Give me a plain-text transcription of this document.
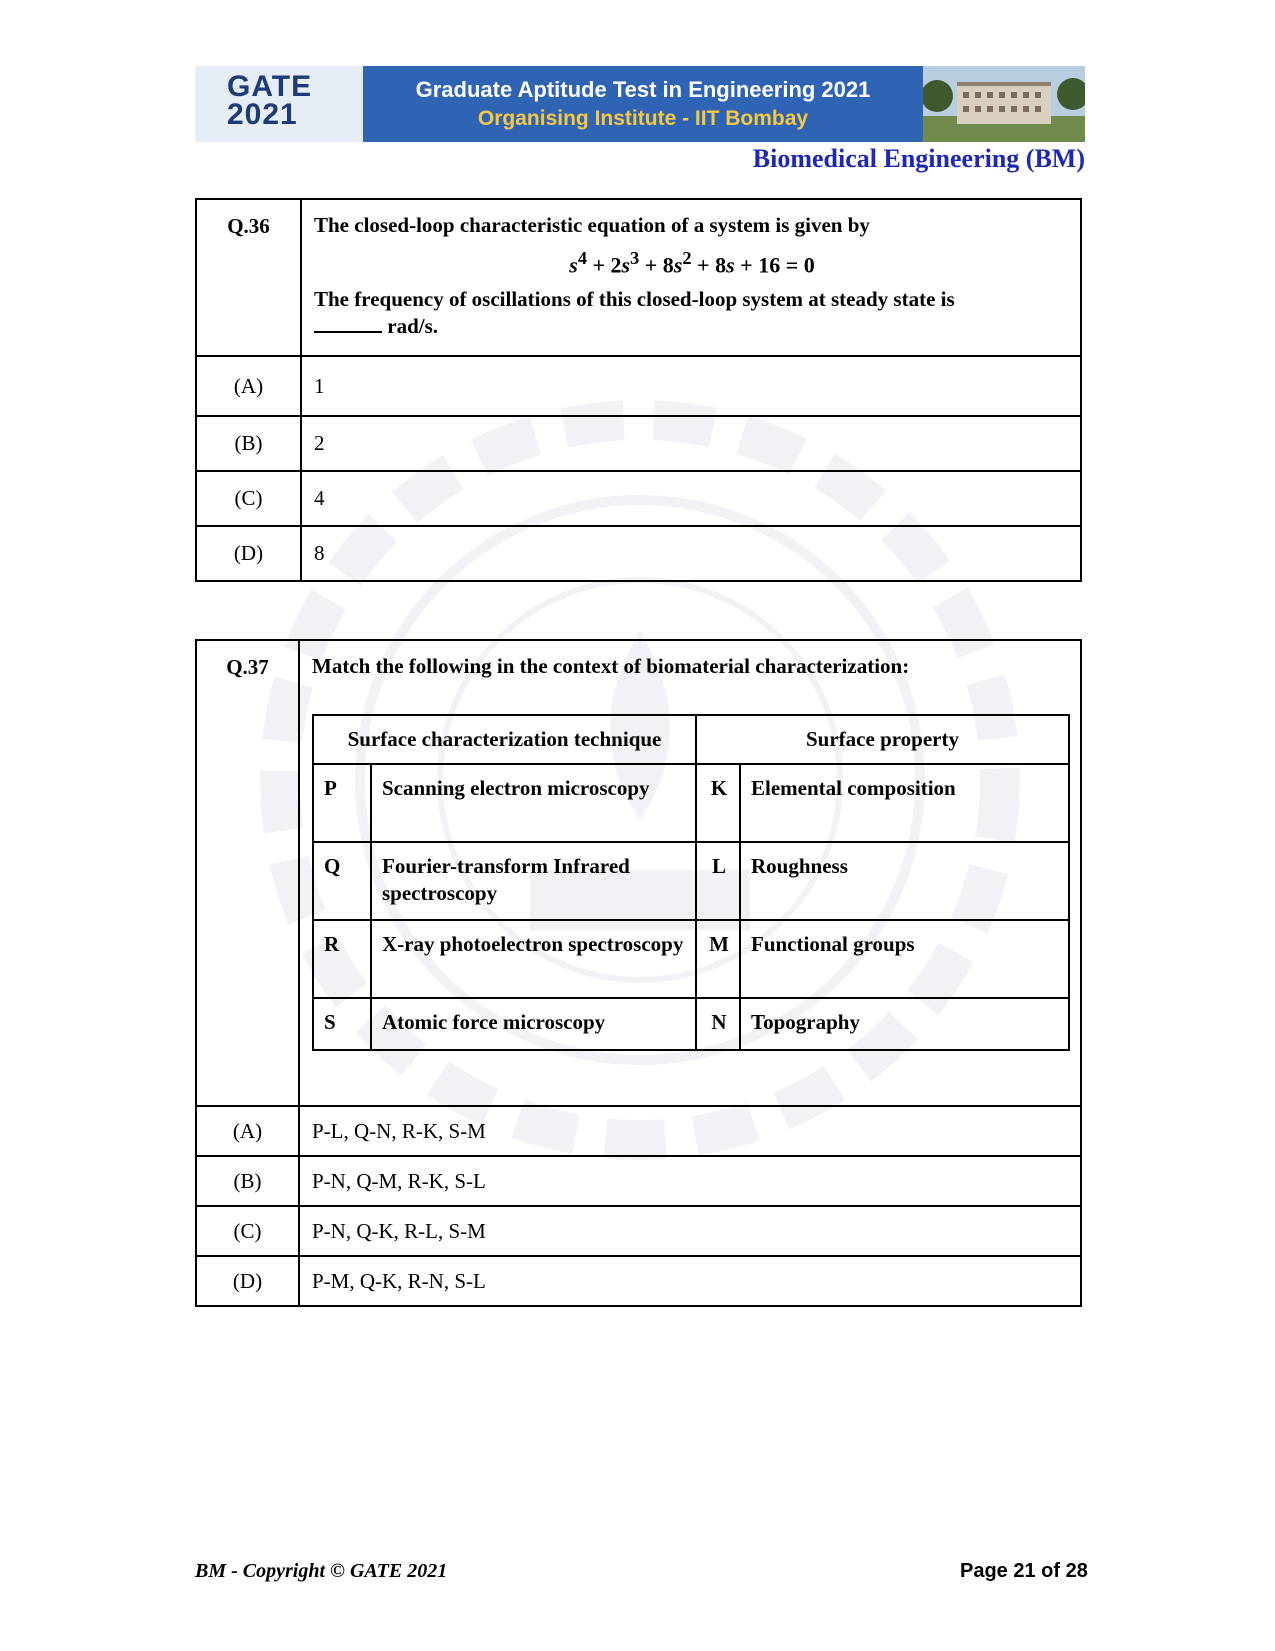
GATE
2021
Graduate Aptitude Test in Engineering 2021
Organising Institute - IIT Bombay
Biomedical Engineering (BM)
Q.36	The closed-loop characteristic equation of a system is given by
$s^4 + 2s^3 + 8s^2 + 8s + 16 = 0$
The frequency of oscillations of this closed-loop system at steady state is
rad/s.

(A)	1
(B)	2
(C)	4
(D)	8
Q.37	Match the following in the context of biomaterial characterization:
Surface characterization technique	Surface property
P	Scanning electron microscopy	K	Elemental composition
Q	Fourier-transform Infrared spectroscopy	L	Roughness
R	X-ray photoelectron spectroscopy	M	Functional groups
S	Atomic force microscopy	N	Topography

(A)	P-L, Q-N, R-K, S-M
(B)	P-N, Q-M, R-K, S-L
(C)	P-N, Q-K, R-L, S-M
(D)	P-M, Q-K, R-N, S-L
BM - Copyright © GATE 2021	Page 21 of 28
